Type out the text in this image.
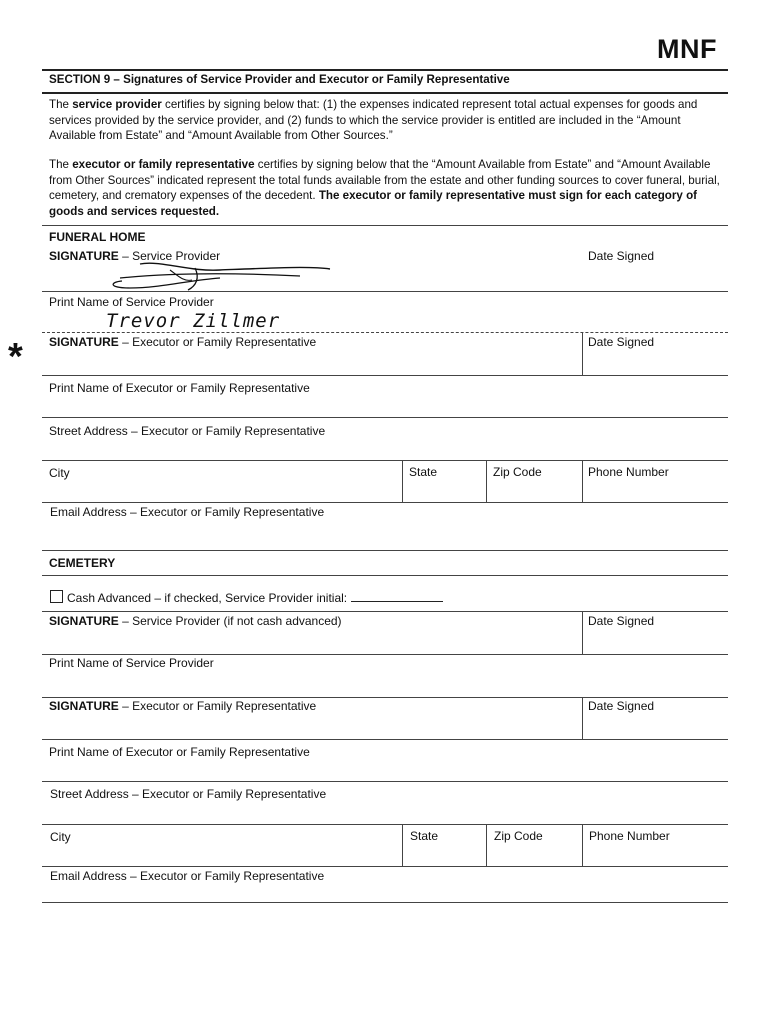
MNF
SECTION 9 – Signatures of Service Provider and Executor or Family Representative
The service provider certifies by signing below that: (1) the expenses indicated represent total actual expenses for goods and services provided by the service provider, and (2) funds to which the service provider is entitled are included in the “Amount Available from Estate” and “Amount Available from Other Sources.”
The executor or family representative certifies by signing below that the “Amount Available from Estate” and “Amount Available from Other Sources” indicated represent the total funds available from the estate and other funding sources to cover funeral, burial, cemetery, and crematory expenses of the decedent. The executor or family representative must sign for each category of goods and services requested.
*
FUNERAL HOME
SIGNATURE – Service Provider	Date Signed
Print Name of Service Provider
Trevor Zillmer
SIGNATURE – Executor or Family Representative	Date Signed
Print Name of Executor or Family Representative
Street Address – Executor or Family Representative
City	State	Zip Code	Phone Number
Email Address – Executor or Family Representative
CEMETERY
Cash Advanced – if checked, Service Provider initial:
SIGNATURE – Service Provider (if not cash advanced)	Date Signed
Print Name of Service Provider
SIGNATURE – Executor or Family Representative	Date Signed
Print Name of Executor or Family Representative
Street Address – Executor or Family Representative
City	State	Zip Code	Phone Number
Email Address – Executor or Family Representative
